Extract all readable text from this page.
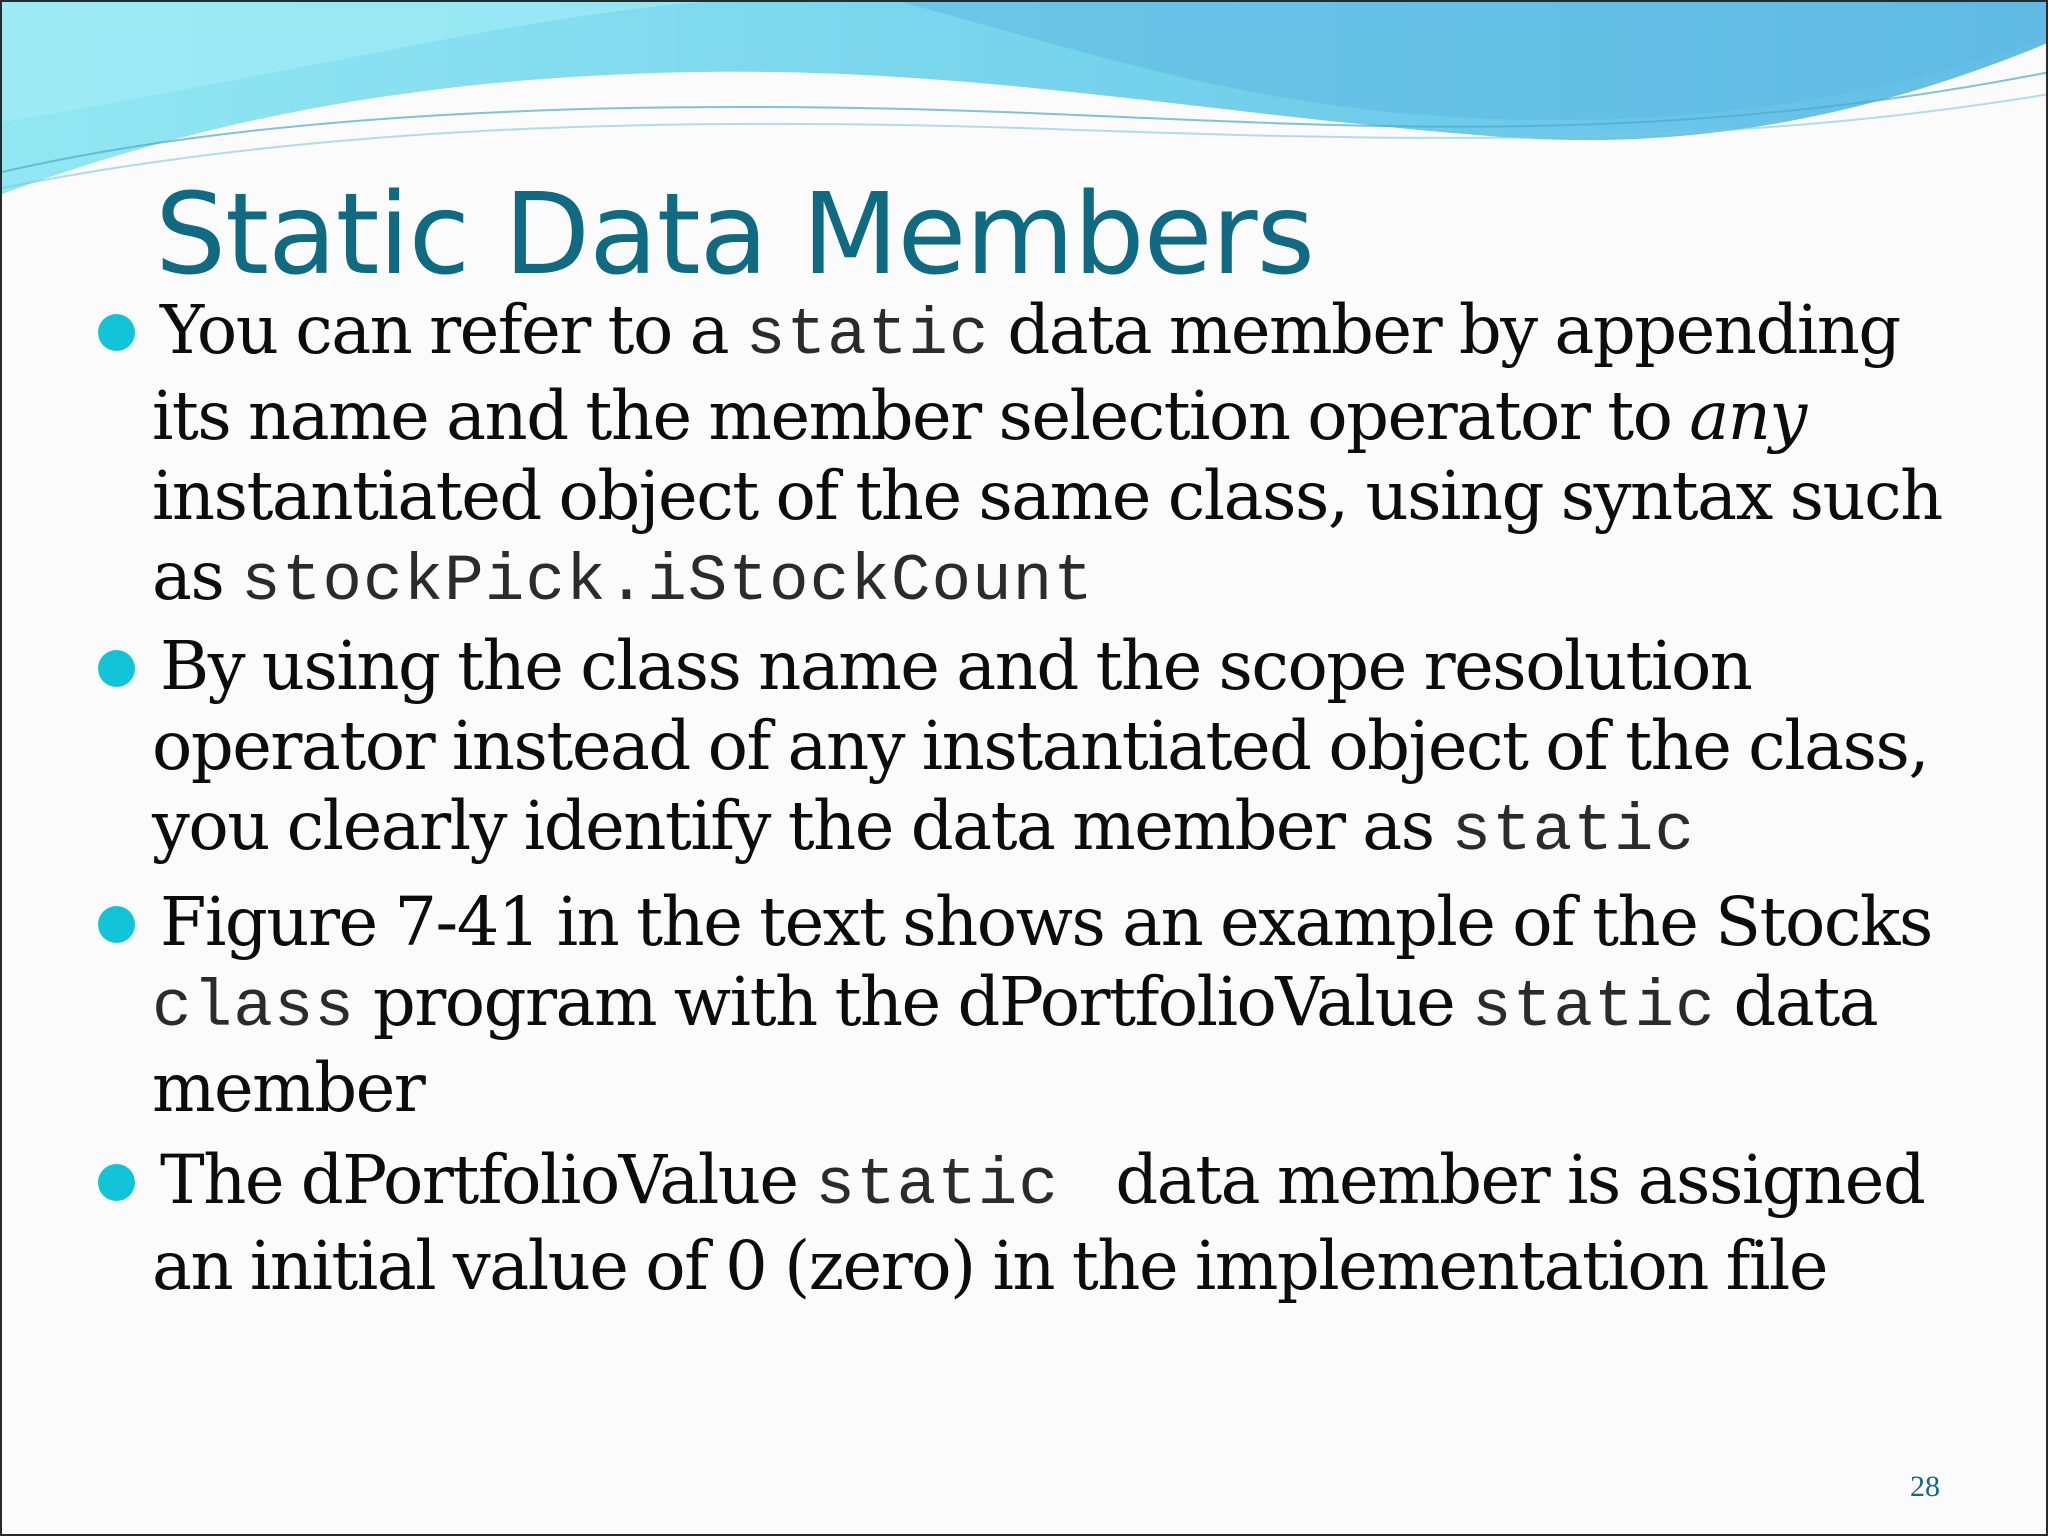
Static Data Members
You can refer to a static data member by appending
its name and the member selection operator to any
instantiated object of the same class, using syntax such
as stockPick.iStockCount
By using the class name and the scope resolution
operator instead of any instantiated object of the class,
you clearly identify the data member as static
Figure 7-41 in the text shows an example of the Stocks
class program with the dPortfolioValue static data
member
The dPortfolioValue static  data member is assigned
an initial value of 0 (zero) in the implementation file
28
